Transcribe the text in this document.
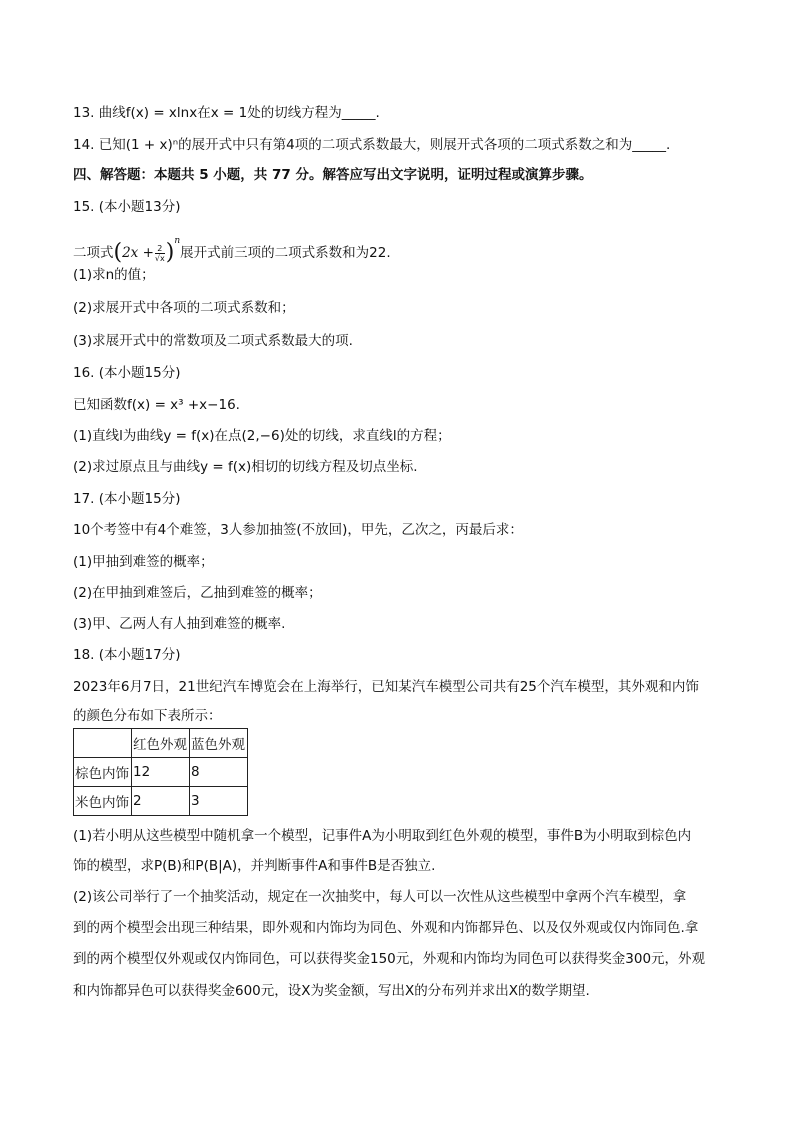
13. 曲线f(x) = xlnx在x = 1处的切线方程为_____.
14. 已知(1 + x)ⁿ的展开式中只有第4项的二项式系数最大，则展开式各项的二项式系数之和为_____.
四、解答题：本题共 5 小题，共 77 分。解答应写出文字说明，证明过程或演算步骤。
15. (本小题13分)
(1)求n的值；
(2)求展开式中各项的二项式系数和；
(3)求展开式中的常数项及二项式系数最大的项.
16. (本小题15分)
已知函数f(x) = x³ +x−16.
(1)直线l为曲线y = f(x)在点(2,−6)处的切线，求直线l的方程；
(2)求过原点且与曲线y = f(x)相切的切线方程及切点坐标.
17. (本小题15分)
10个考签中有4个难签，3人参加抽签(不放回)，甲先，乙次之，丙最后求：
(1)甲抽到难签的概率；
(2)在甲抽到难签后，乙抽到难签的概率；
(3)甲、乙两人有人抽到难签的概率.
18. (本小题17分)
2023年6月7日，21世纪汽车博览会在上海举行，已知某汽车模型公司共有25个汽车模型，其外观和内饰
的颜色分布如下表所示：
(1)若小明从这些模型中随机拿一个模型，记事件A为小明取到红色外观的模型，事件B为小明取到棕色内
饰的模型，求P(B)和P(B|A)，并判断事件A和事件B是否独立.
(2)该公司举行了一个抽奖活动，规定在一次抽奖中，每人可以一次性从这些模型中拿两个汽车模型，拿
到的两个模型会出现三种结果，即外观和内饰均为同色、外观和内饰都异色、以及仅外观或仅内饰同色.拿
到的两个模型仅外观或仅内饰同色，可以获得奖金150元，外观和内饰均为同色可以获得奖金300元，外观
和内饰都异色可以获得奖金600元，设X为奖金额，写出X的分布列并求出X的数学期望.
二项式$(2x + \frac{2}{√x} )^n$展开式前三项的二项式系数和为22.
	红色外观	蓝色外观
棕色内饰	12	8
米色内饰	2	3
